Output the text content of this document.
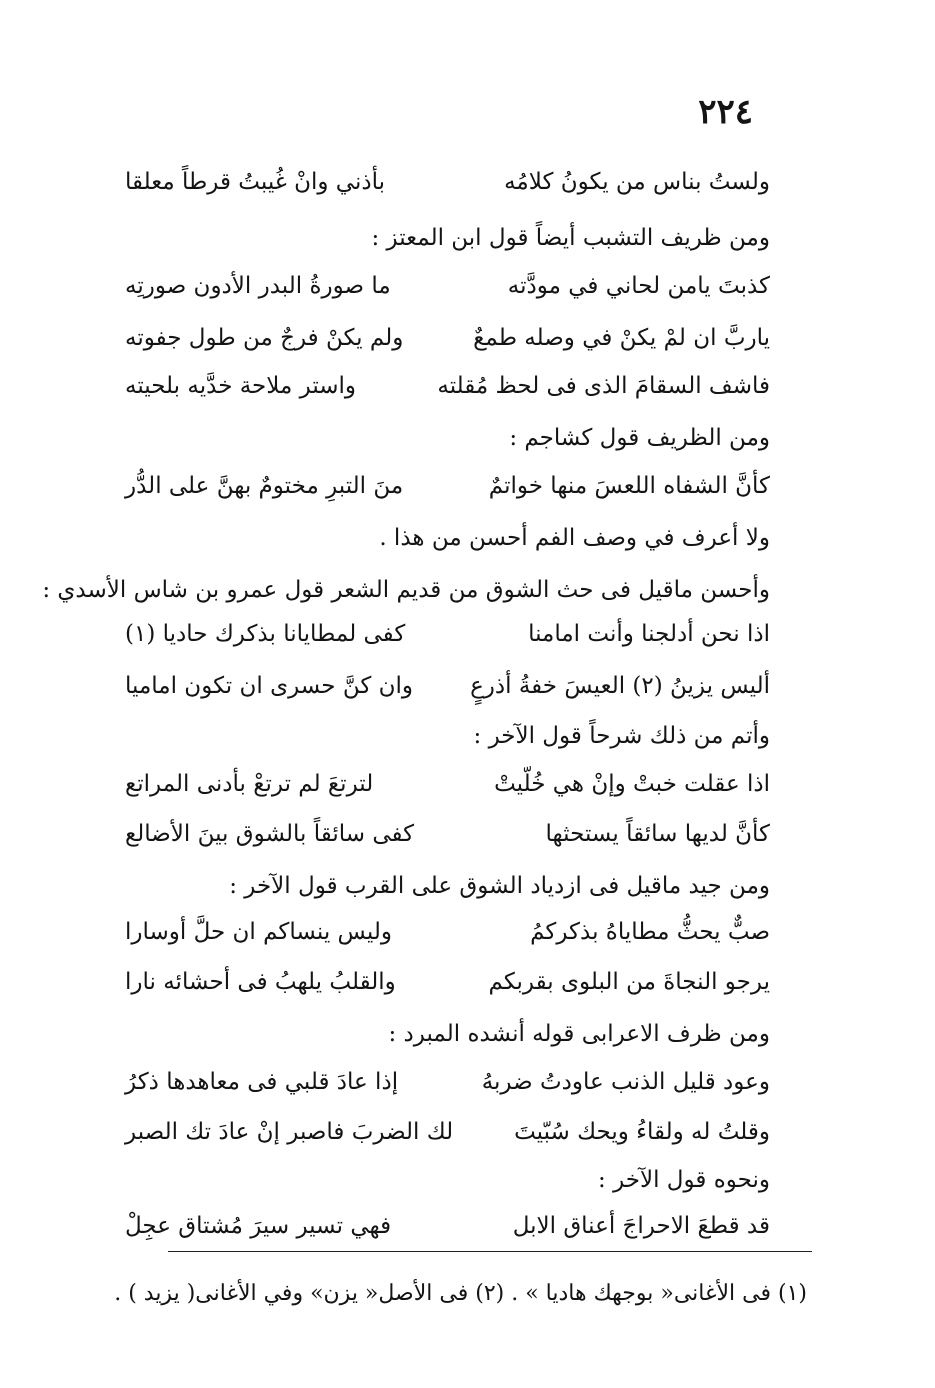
٢٢٤
ولستُ بناس من يكونُ كلامُه
بأذني وانْ غُيبتُ قرطاً معلقا
ومن ظريف التشبب أيضاً قول ابن المعتز :
كذبتَ يامن لحاني في مودَّته
ما صورةُ البدر الأدون صورتِه
ياربَّ ان لمْ يكنْ في وصله طمعٌ
ولم يكنْ فرجٌ من طول جفوته
فاشف السقامَ الذى فى لحظ مُقلته
واستر ملاحة خدَّيه بلحيته
ومن الظريف قول كشاجم :
كأنَّ الشفاه اللعسَ منها خواتمٌ
منَ التبرِ مختومٌ بهنَّ على الدُّر
ولا أعرف في وصف الفم أحسن من هذا .
وأحسن ماقيل فى حث الشوق من قديم الشعر قول عمرو بن شاس الأسدي :
اذا نحن أدلجنا وأنت امامنا
كفى لمطايانا بذكرك حاديا (١)
أليس يزينُ (٢) العيسَ خفةُ أذرعٍ
وان كنَّ حسرى ان تكون اماميا
وأتم من ذلك شرحاً قول الآخر :
اذا عقلت خبتْ وإنْ هي خُلّيتْ
لترتعَ لم ترتعْ بأدنى المراتع
كأنَّ لديها سائقاً يستحثها
كفى سائقاً بالشوق بينَ الأضالع
ومن جيد ماقيل فى ازدياد الشوق على القرب قول الآخر :
صبٌّ يحثُّ مطاياهُ بذكركمُ
وليس ينساكم ان حلَّ أوسارا
يرجو النجاةَ من البلوى بقربكم
والقلبُ يلهبُ فى أحشائه نارا
ومن ظرف الاعرابى قوله أنشده المبرد :
وعود قليل الذنب عاودتُ ضربهُ
إذا عادَ قلبي فى معاهدها ذكرُ
وقلتُ له ولقاءُ ويحك سُبّيتَ
لك الضربَ فاصبر إنْ عادَ تك الصبر
ونحوه قول الآخر :
قد قطعَ الاحراجَ أعناق الابل
فهي تسير سيرَ مُشتاق عجِلْ
(١) فى الأغانى« بوجهك هاديا » . (٢) فى الأصل« يزن» وفي الأغانى( يزيد ) .
